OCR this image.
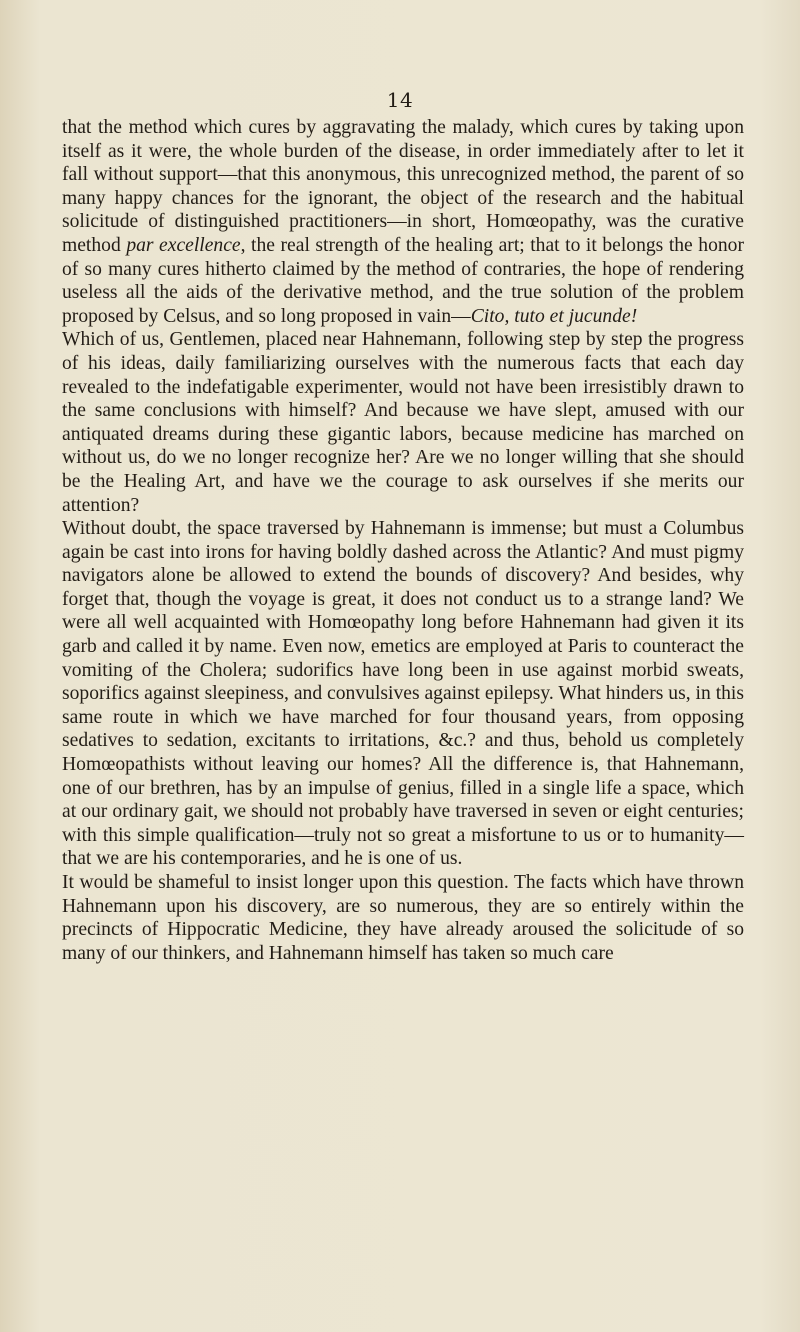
14

that the method which cures by aggravating the malady, which cures by taking upon itself as it were, the whole burden of the disease, in order immediately after to let it fall without support—that this anonymous, this unrecognized method, the parent of so many happy chances for the ignorant, the object of the research and the habitual solicitude of distinguished practitioners—in short, Homœopathy, was the curative method par excellence, the real strength of the healing art; that to it belongs the honor of so many cures hitherto claimed by the method of contraries, the hope of rendering useless all the aids of the derivative method, and the true solution of the problem proposed by Celsus, and so long proposed in vain—Cito, tuto et jucunde!

Which of us, Gentlemen, placed near Hahnemann, following step by step the progress of his ideas, daily familiarizing ourselves with the numerous facts that each day revealed to the indefatigable experimenter, would not have been irresistibly drawn to the same conclusions with himself? And because we have slept, amused with our antiquated dreams during these gigantic labors, because medicine has marched on without us, do we no longer recognize her? Are we no longer willing that she should be the Healing Art, and have we the courage to ask ourselves if she merits our attention?

Without doubt, the space traversed by Hahnemann is immense; but must a Columbus again be cast into irons for having boldly dashed across the Atlantic? And must pigmy navigators alone be allowed to extend the bounds of discovery? And besides, why forget that, though the voyage is great, it does not conduct us to a strange land? We were all well acquainted with Homœopathy long before Hahnemann had given it its garb and called it by name. Even now, emetics are employed at Paris to counteract the vomiting of the Cholera; sudorifics have long been in use against morbid sweats, soporifics against sleepiness, and convulsives against epilepsy. What hinders us, in this same route in which we have marched for four thousand years, from opposing sedatives to sedation, excitants to irritations, &c.? and thus, behold us completely Homœopathists without leaving our homes? All the difference is, that Hahnemann, one of our brethren, has by an impulse of genius, filled in a single life a space, which at our ordinary gait, we should not probably have traversed in seven or eight centuries; with this simple qualification—truly not so great a misfortune to us or to humanity—that we are his contemporaries, and he is one of us.

It would be shameful to insist longer upon this question. The facts which have thrown Hahnemann upon his discovery, are so numerous, they are so entirely within the precincts of Hippocratic Medicine, they have already aroused the solicitude of so many of our thinkers, and Hahnemann himself has taken so much care
